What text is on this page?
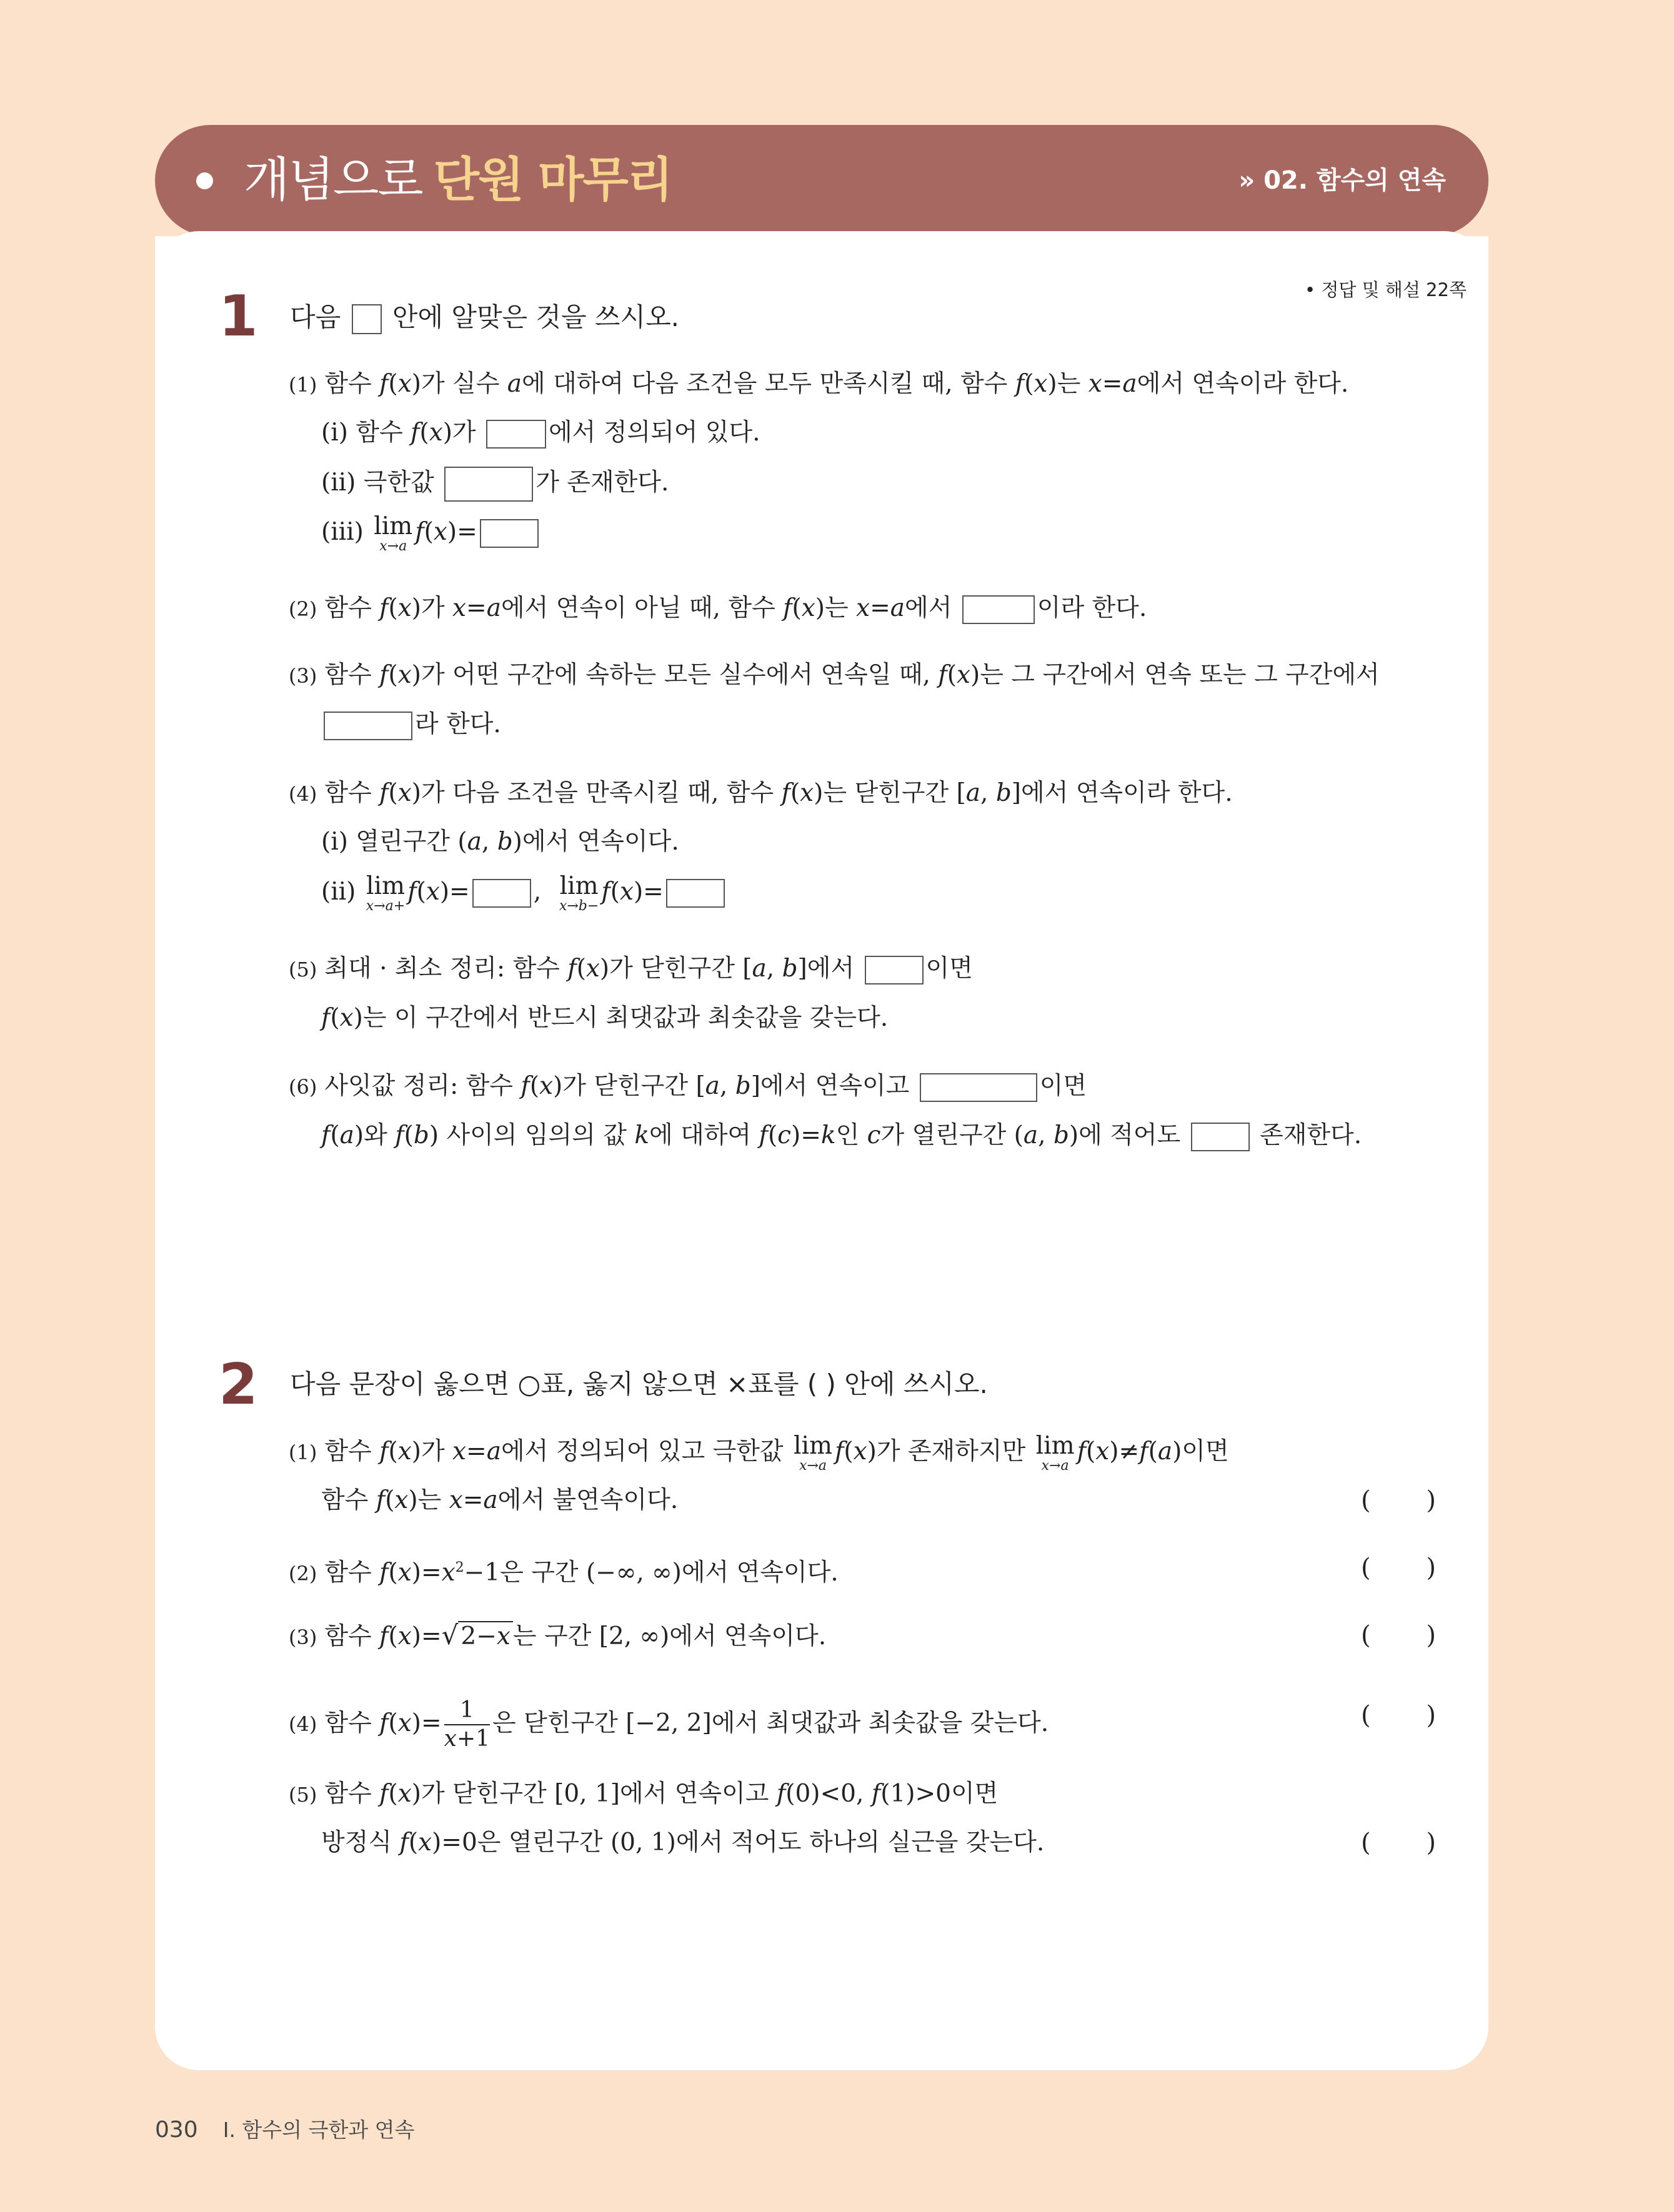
개념으로 단원 마무리	» 02. 함수의 연속
• 정답 및 해설 22쪽
1 다음 안에 알맞은 것을 쓰시오.
(1) 함수 f(x)가 실수 a에 대하여 다음 조건을 모두 만족시킬 때, 함수 f(x)는 x=a에서 연속이라 한다.
(ⅰ) 함수 f(x)가	에서 정의되어 있다.
(ⅱ) 극한값	가 존재한다.
(ⅲ) lim
x→a f(x)=
(2) 함수 f(x)가 x=a에서 연속이 아닐 때, 함수 f(x)는 x=a에서	이라 한다.
(3) 함수 f(x)가 어떤 구간에 속하는 모든 실수에서 연속일 때, f(x)는 그 구간에서 연속 또는 그 구간에서
라 한다.
(4) 함수 f(x)가 다음 조건을 만족시킬 때, 함수 f(x)는 닫힌구간 [a, b]에서 연속이라 한다.
(ⅰ) 열린구간 (a, b)에서 연속이다.
(ⅱ) lim
x→a+ f(x)=	, lim
x→b− f(x)=
(5) 최대 · 최소 정리: 함수 f(x)가 닫힌구간 [a, b]에서	이면
f(x)는 이 구간에서 반드시 최댓값과 최솟값을 갖는다.
(6) 사잇값 정리: 함수 f(x)가 닫힌구간 [a, b]에서 연속이고	이면
f(a)와 f(b) 사이의 임의의 값 k에 대하여 f(c)=k인 c가 열린구간 (a, b)에 적어도	존재한다.
2 다음 문장이 옳으면 ○표, 옳지 않으면 ×표를 ( ) 안에 쓰시오.
(1) 함수 f(x)가 x=a에서 정의되어 있고 극한값 lim
x→a f(x)가 존재하지만 lim
x→a f(x)≠f(a)이면
함수 f(x)는 x=a에서 불연속이다.	( )
(2) 함수 $f(x)=x^2-1$은 구간 (−∞, ∞)에서 연속이다.	( )
(3) 함수 f(x)=√ 2−x 는 구간 [2, ∞)에서 연속이다.	( )
(4) 함수 $f(x)= \frac{1}{x+1}$ 은 닫힌구간 [−2, 2]에서 최댓값과 최솟값을 갖는다.	( )
(5) 함수 f(x)가 닫힌구간 [0, 1]에서 연속이고 f(0)<0, f(1)>0이면
방정식 f(x)=0은 열린구간 (0, 1)에서 적어도 하나의 실근을 갖는다.	( )
030 Ⅰ. 함수의 극한과 연속
